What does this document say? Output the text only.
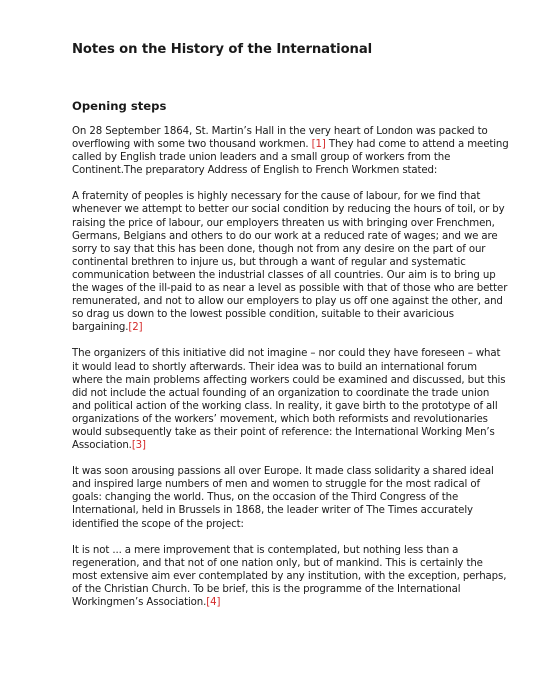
Notes on the History of the International
Opening steps

On 28 September 1864, St. Martin’s Hall in the very heart of London was packed to overflowing with some two thousand workmen. [1] They had come to attend a meeting called by English trade union leaders and a small group of workers from the Continent.The preparatory Address of English to French Workmen stated:

A fraternity of peoples is highly necessary for the cause of labour, for we find that whenever we attempt to better our social condition by reducing the hours of toil, or by raising the price of labour, our employers threaten us with bringing over Frenchmen, Germans, Belgians and others to do our work at a reduced rate of wages; and we are sorry to say that this has been done, though not from any desire on the part of our continental brethren to injure us, but through a want of regular and systematic communication between the industrial classes of all countries. Our aim is to bring up the wages of the ill-paid to as near a level as possible with that of those who are better remunerated, and not to allow our employers to play us off one against the other, and so drag us down to the lowest possible condition, suitable to their avaricious bargaining.[2]

The organizers of this initiative did not imagine – nor could they have foreseen – what it would lead to shortly afterwards. Their idea was to build an international forum where the main problems affecting workers could be examined and discussed, but this did not include the actual founding of an organization to coordinate the trade union and political action of the working class. In reality, it gave birth to the prototype of all organizations of the workers’ movement, which both reformists and revolutionaries would subsequently take as their point of reference: the International Working Men’s Association.[3]

It was soon arousing passions all over Europe. It made class solidarity a shared ideal and inspired large numbers of men and women to struggle for the most radical of goals: changing the world. Thus, on the occasion of the Third Congress of the International, held in Brussels in 1868, the leader writer of The Times accurately identified the scope of the project:

It is not ... a mere improvement that is contemplated, but nothing less than a regeneration, and that not of one nation only, but of mankind. This is certainly the most extensive aim ever contemplated by any institution, with the exception, perhaps, of the Christian Church. To be brief, this is the programme of the International Workingmen’s Association.[4]
